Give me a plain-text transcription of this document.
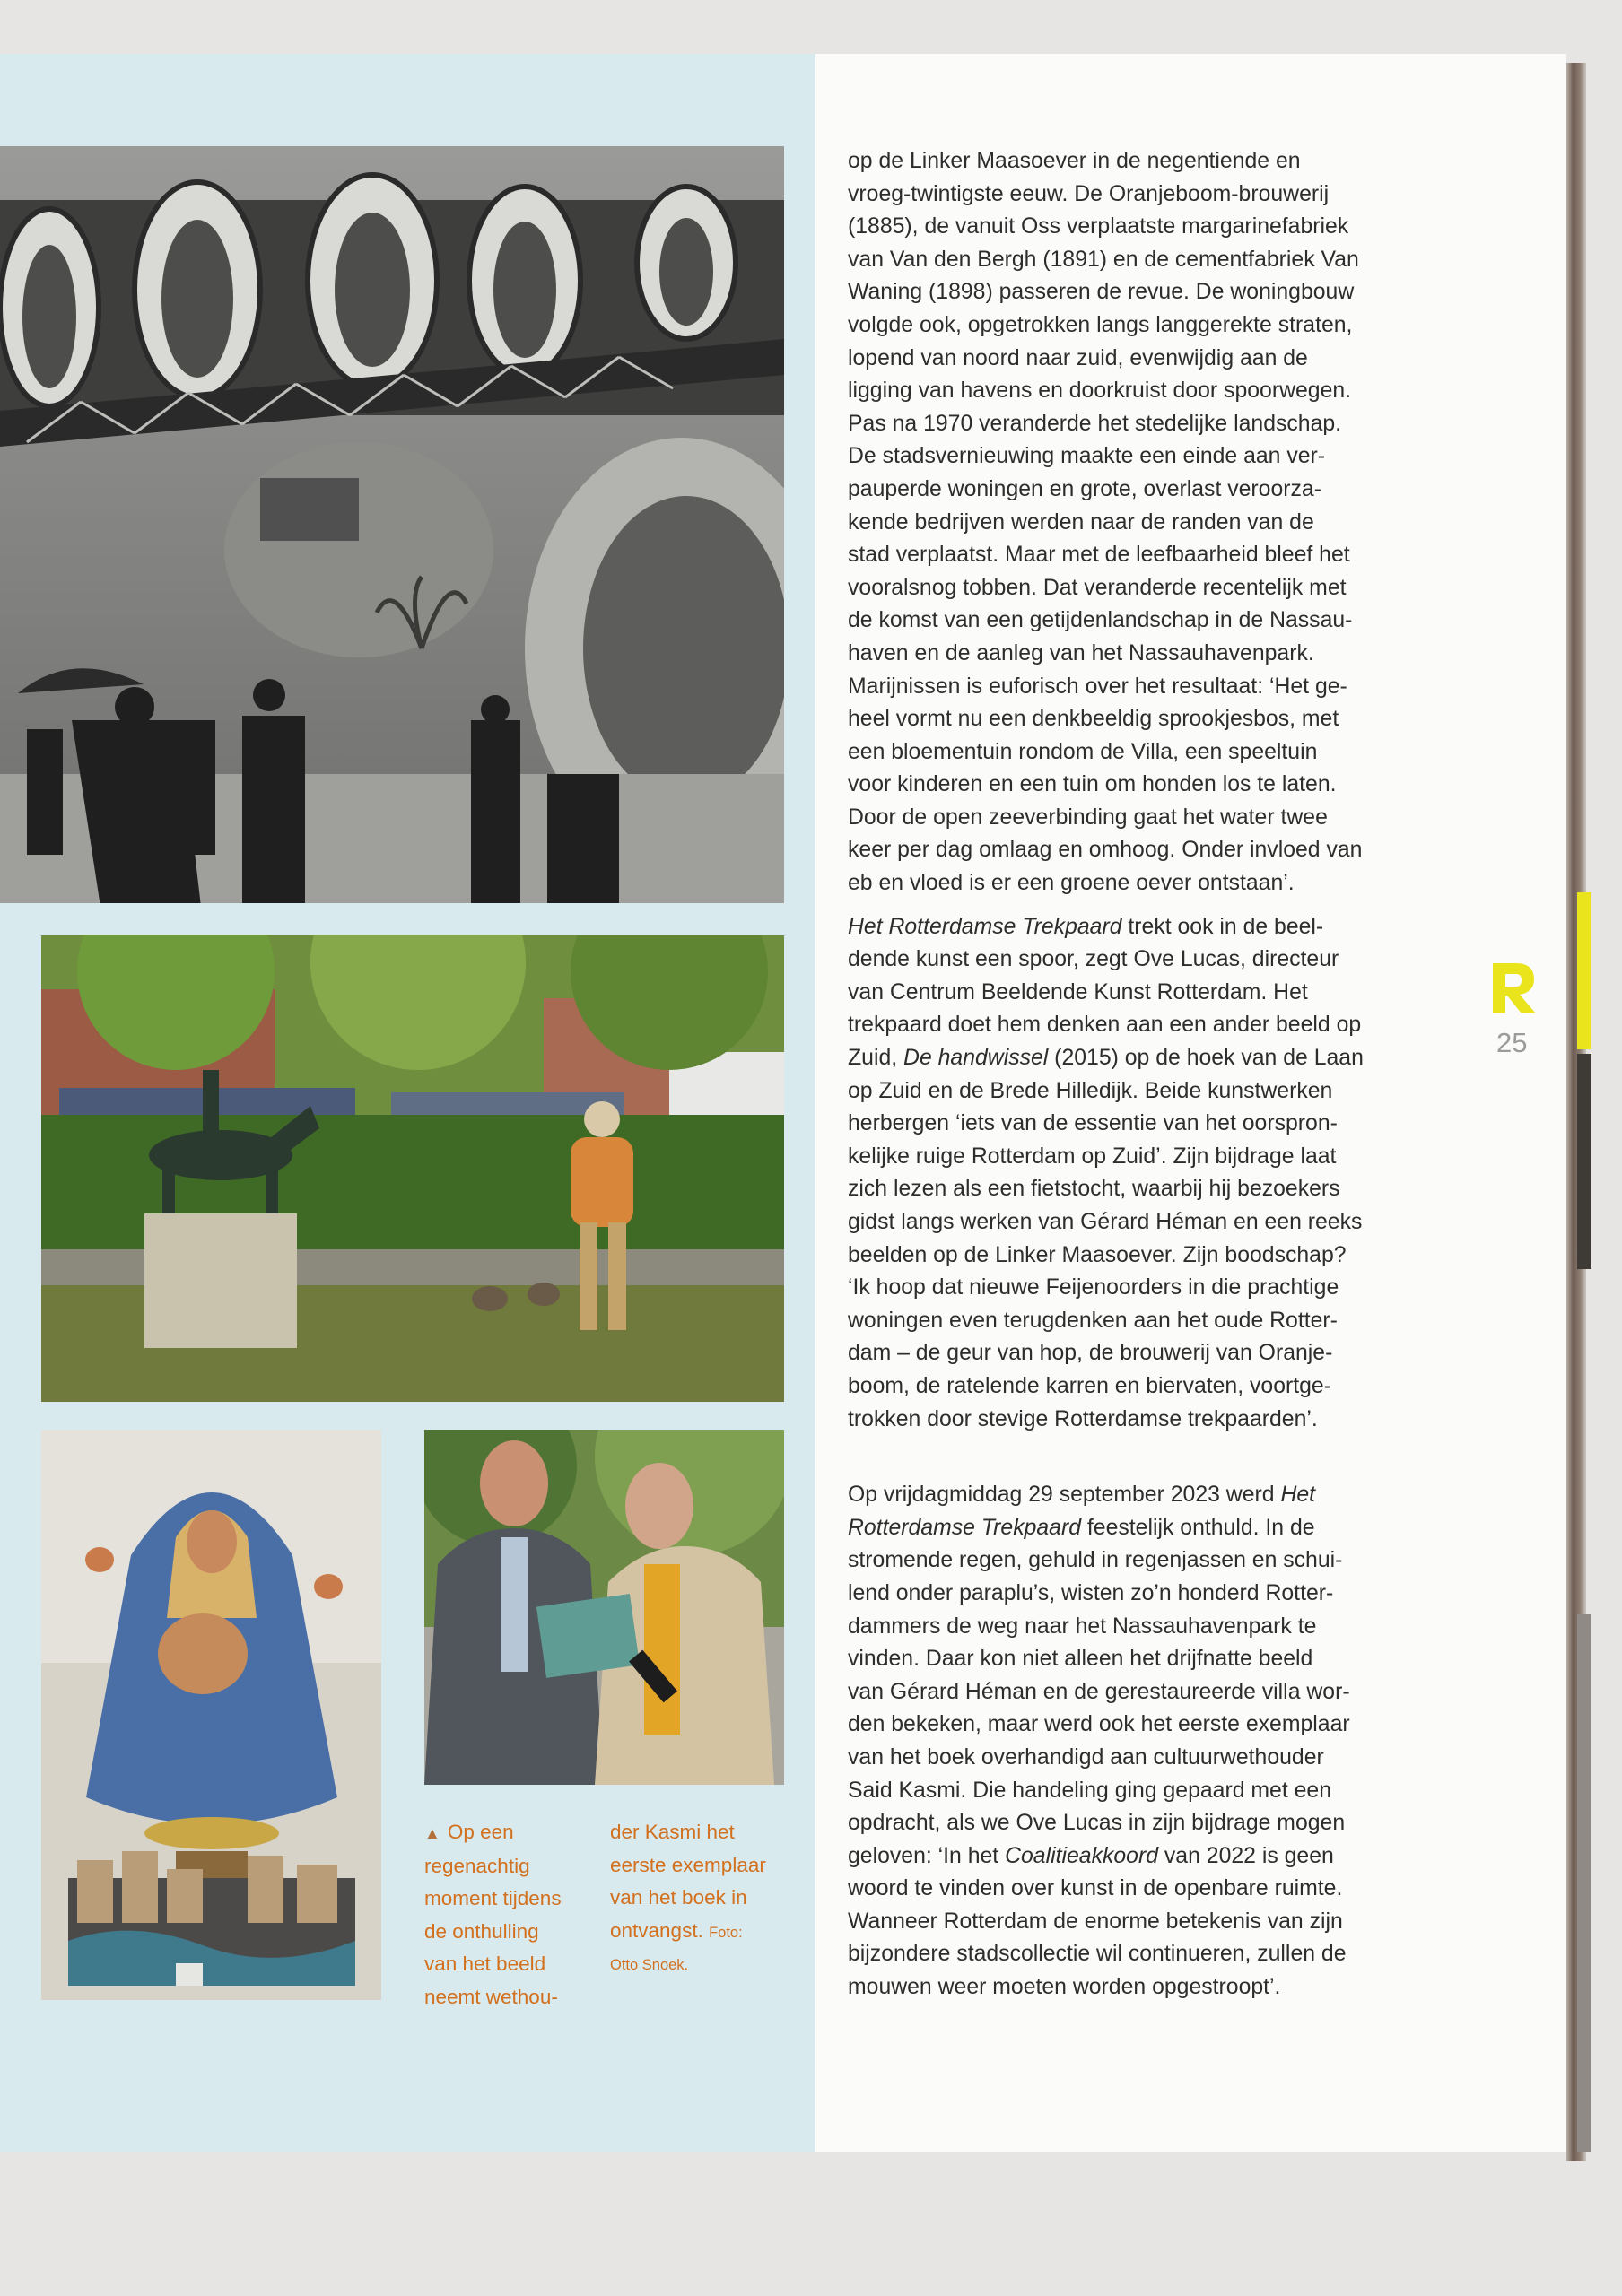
▲ Op een
regenachtig
moment tijdens
de onthulling
van het beeld
neemt wethou-
der Kasmi het
eerste exemplaar
van het boek in
ontvangst. Foto:
Otto Snoek.

op de Linker Maasoever in de negentiende en
vroeg-twintigste eeuw. De Oranjeboom-brouwerij
(1885), de vanuit Oss verplaatste margarinefabriek
van Van den Bergh (1891) en de cementfabriek Van
Waning (1898) passeren de revue. De woningbouw
volgde ook, opgetrokken langs langgerekte straten,
lopend van noord naar zuid, evenwijdig aan de
ligging van havens en doorkruist door spoorwegen.
Pas na 1970 veranderde het stedelijke landschap.
De stadsvernieuwing maakte een einde aan ver-
pauperde woningen en grote, overlast veroorza-
kende bedrijven werden naar de randen van de
stad verplaatst. Maar met de leefbaarheid bleef het
vooralsnog tobben. Dat veranderde recentelijk met
de komst van een getijdenlandschap in de Nassau-
haven en de aanleg van het Nassauhavenpark.
Marijnissen is euforisch over het resultaat: ‘Het ge-
heel vormt nu een denkbeeldig sprookjesbos, met
een bloementuin rondom de Villa, een speeltuin
voor kinderen en een tuin om honden los te laten.
Door de open zeeverbinding gaat het water twee
keer per dag omlaag en omhoog. Onder invloed van
eb en vloed is er een groene oever ontstaan’.

Het Rotterdamse Trekpaard trekt ook in de beel-
dende kunst een spoor, zegt Ove Lucas, directeur
van Centrum Beeldende Kunst Rotterdam. Het
trekpaard doet hem denken aan een ander beeld op
Zuid, De handwissel (2015) op de hoek van de Laan
op Zuid en de Brede Hilledijk. Beide kunstwerken
herbergen ‘iets van de essentie van het oorspron-
kelijke ruige Rotterdam op Zuid’. Zijn bijdrage laat
zich lezen als een fietstocht, waarbij hij bezoekers
gidst langs werken van Gérard Héman en een reeks
beelden op de Linker Maasoever. Zijn boodschap?
‘Ik hoop dat nieuwe Feijenoorders in die prachtige
woningen even terugdenken aan het oude Rotter-
dam – de geur van hop, de brouwerij van Oranje-
boom, de ratelende karren en biervaten, voortge-
trokken door stevige Rotterdamse trekpaarden’.

Op vrijdagmiddag 29 september 2023 werd Het
Rotterdamse Trekpaard feestelijk onthuld. In de
stromende regen, gehuld in regenjassen en schui-
lend onder paraplu’s, wisten zo’n honderd Rotter-
dammers de weg naar het Nassauhavenpark te
vinden. Daar kon niet alleen het drijfnatte beeld
van Gérard Héman en de gerestaureerde villa wor-
den bekeken, maar werd ook het eerste exemplaar
van het boek overhandigd aan cultuurwethouder
Said Kasmi. Die handeling ging gepaard met een
opdracht, als we Ove Lucas in zijn bijdrage mogen
geloven: ‘In het Coalitieakkoord van 2022 is geen
woord te vinden over kunst in de openbare ruimte.
Wanneer Rotterdam de enorme betekenis van zijn
bijzondere stadscollectie wil continueren, zullen de
mouwen weer moeten worden opgestroopt’.

25
